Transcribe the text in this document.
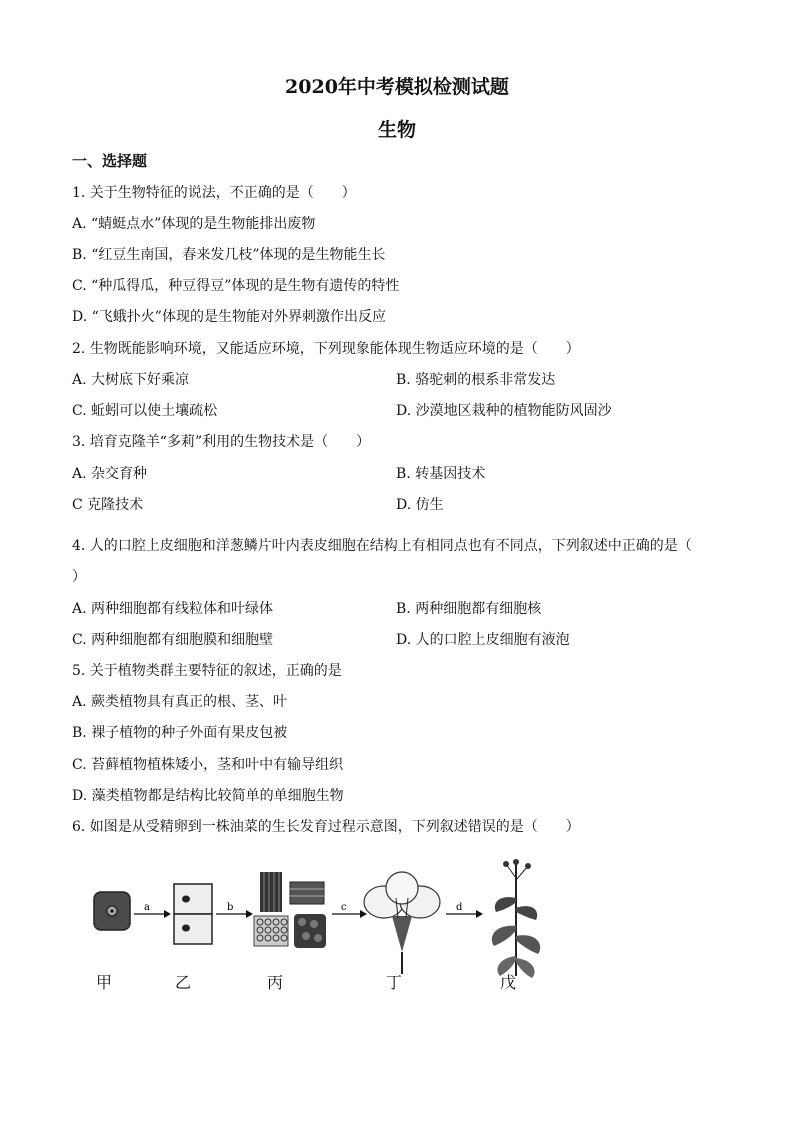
2020年中考模拟检测试题
生物
一、选择题
1. 关于生物特征的说法，不正确的是（　　）
A. “蜻蜓点水”体现的是生物能排出废物
B. “红豆生南国，春来发几枝”体现的是生物能生长
C. “种瓜得瓜，种豆得豆”体现的是生物有遗传的特性
D. “飞蛾扑火”体现的是生物能对外界刺激作出反应
2. 生物既能影响环境，又能适应环境，下列现象能体现生物适应环境的是（　　）
A. 大树底下好乘凉	B. 骆驼刺的根系非常发达
C. 蚯蚓可以使土壤疏松	D. 沙漠地区栽种的植物能防风固沙
3. 培育克隆羊“多莉”利用的生物技术是（　　）
A. 杂交育种	B. 转基因技术
C 克隆技术	D. 仿生
4. 人的口腔上皮细胞和洋葱鳞片叶内表皮细胞在结构上有相同点也有不同点，下列叙述中正确的是（
）
A. 两种细胞都有线粒体和叶绿体	B. 两种细胞都有细胞核
C. 两种细胞都有细胞膜和细胞壁	D. 人的口腔上皮细胞有液泡
5. 关于植物类群主要特征的叙述，正确的是
A. 蕨类植物具有真正的根、茎、叶
B. 裸子植物的种子外面有果皮包被
C. 苔藓植物植株矮小，茎和叶中有输导组织
D. 藻类植物都是结构比较简单的单细胞生物
6. 如图是从受精卵到一株油菜的生长发育过程示意图，下列叙述错误的是（　　）
a	b	c	d
甲	乙	丙	丁	戊
